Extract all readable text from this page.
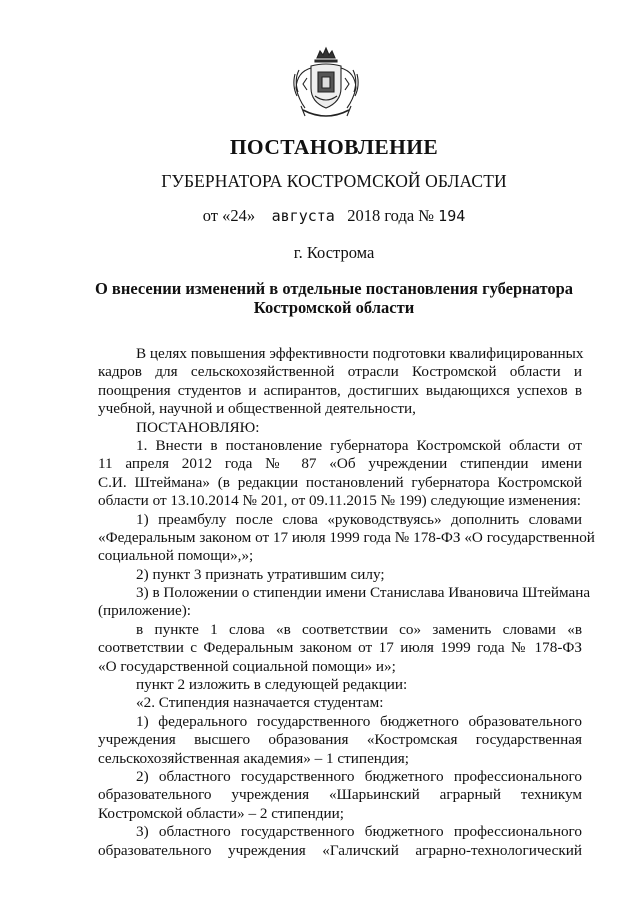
ПОСТАНОВЛЕНИЕ
ГУБЕРНАТОРА КОСТРОМСКОЙ ОБЛАСТИ
от «24» августа 2018 года № 194
г. Кострома
О внесении изменений в отдельные постановления губернатора
Костромской области
В целях повышения эффективности подготовки квалифицированных
кадров для сельскохозяйственной отрасли Костромской области и
поощрения студентов и аспирантов, достигших выдающихся успехов в
учебной, научной и общественной деятельности,
ПОСТАНОВЛЯЮ:
1. Внести в постановление губернатора Костромской области от
11 апреля 2012 года № 87 «Об учреждении стипендии имени
С.И. Штеймана» (в редакции постановлений губернатора Костромской
области от 13.10.2014 № 201, от 09.11.2015 № 199) следующие изменения:
1) преамбулу после слова «руководствуясь» дополнить словами
«Федеральным законом от 17 июля 1999 года № 178-ФЗ «О государственной
социальной помощи»,»;
2) пункт 3 признать утратившим силу;
3) в Положении о стипендии имени Станислава Ивановича Штеймана
(приложение):
в пункте 1 слова «в соответствии со» заменить словами «в
соответствии с Федеральным законом от 17 июля 1999 года № 178-ФЗ
«О государственной социальной помощи» и»;
пункт 2 изложить в следующей редакции:
«2. Стипендия назначается студентам:
1) федерального государственного бюджетного образовательного
учреждения высшего образования «Костромская государственная
сельскохозяйственная академия» – 1 стипендия;
2) областного государственного бюджетного профессионального
образовательного учреждения «Шарьинский аграрный техникум
Костромской области» – 2 стипендии;
3) областного государственного бюджетного профессионального
образовательного учреждения «Галичский аграрно-технологический
